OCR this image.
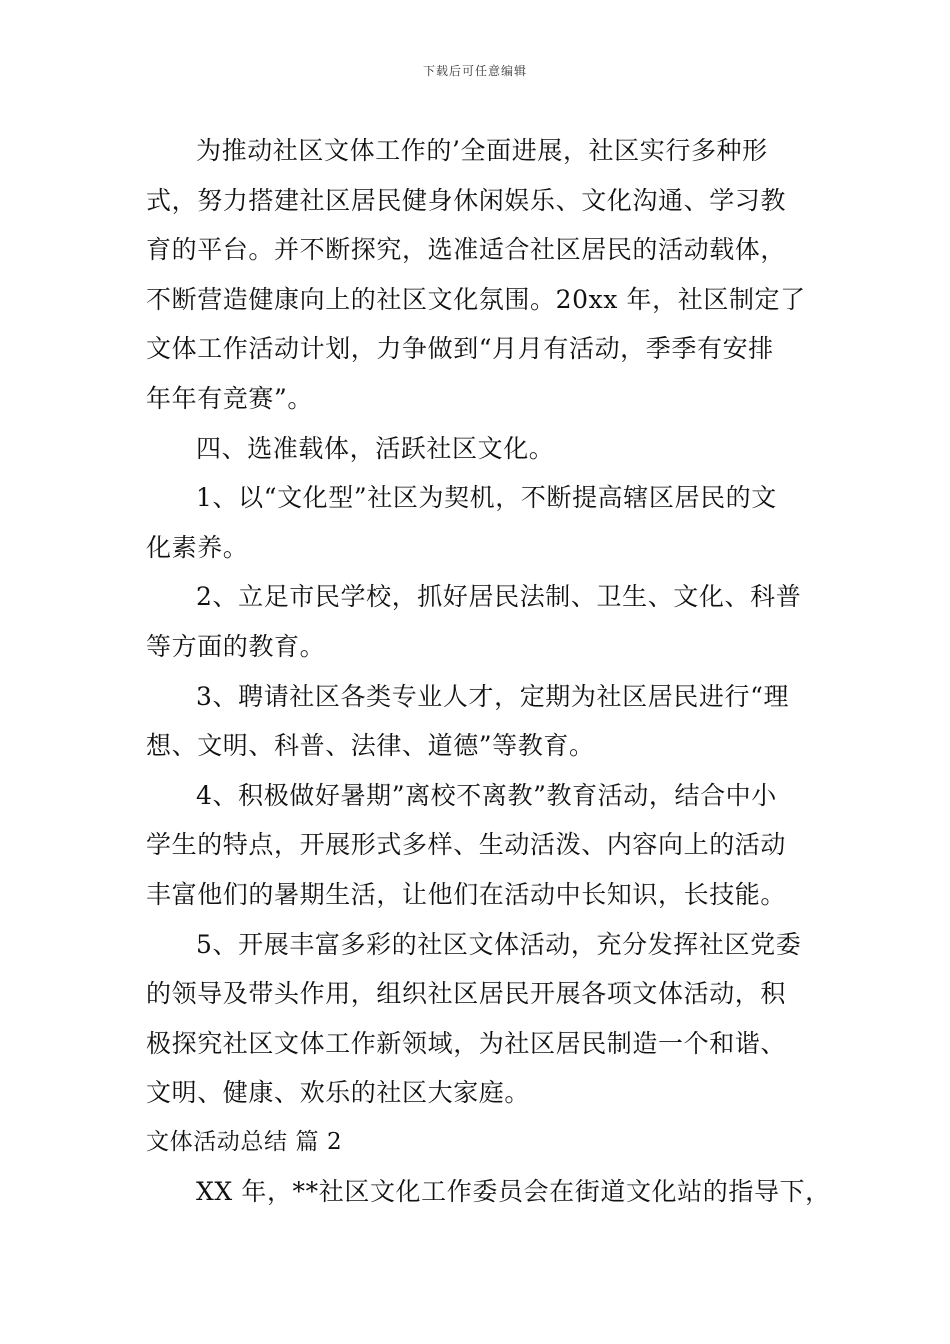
下载后可任意编辑
为推动社区文体工作的’全面进展，社区实行多种形
式，努力搭建社区居民健身休闲娱乐、文化沟通、学习教
育的平台。并不断探究，选准适合社区居民的活动载体，
不断营造健康向上的社区文化氛围。20xx 年，社区制定了
文体工作活动计划，力争做到“月月有活动，季季有安排
年年有竞赛”。
四、选准载体，活跃社区文化。
1、以“文化型”社区为契机，不断提高辖区居民的文
化素养。
2、立足市民学校，抓好居民法制、卫生、文化、科普
等方面的教育。
3、聘请社区各类专业人才，定期为社区居民进行“理
想、文明、科普、法律、道德”等教育。
4、积极做好暑期”离校不离教”教育活动，结合中小
学生的特点，开展形式多样、生动活泼、内容向上的活动
丰富他们的暑期生活，让他们在活动中长知识，长技能。
5、开展丰富多彩的社区文体活动，充分发挥社区党委
的领导及带头作用，组织社区居民开展各项文体活动，积
极探究社区文体工作新领域，为社区居民制造一个和谐、
文明、健康、欢乐的社区大家庭。
文体活动总结 篇 2
XX 年，**社区文化工作委员会在街道文化站的指导下，
